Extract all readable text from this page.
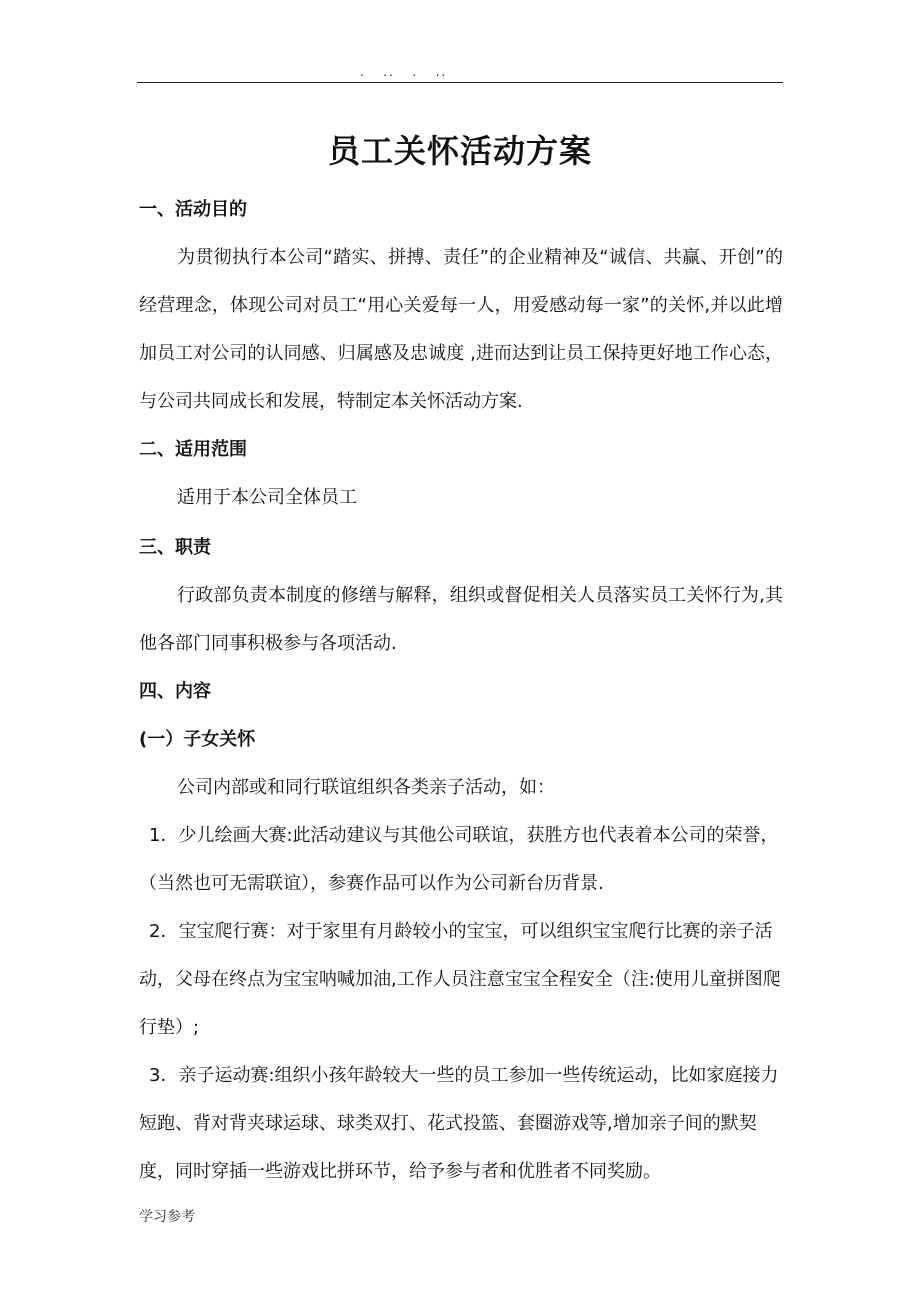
.   ..   .   ..
员工关怀活动方案
一、活动目的
为贯彻执行本公司“踏实、拼搏、责任”的企业精神及“诚信、共赢、开创”的经营理念，体现公司对员工“用心关爱每一人，用爱感动每一家”的关怀,并以此增加员工对公司的认同感、归属感及忠诚度 ,进而达到让员工保持更好地工作心态，与公司共同成长和发展，特制定本关怀活动方案.
二、适用范围
适用于本公司全体员工
三、职责
行政部负责本制度的修缮与解释，组织或督促相关人员落实员工关怀行为,其他各部门同事积极参与各项活动.
四、内容
(一）子女关怀
公司内部或和同行联谊组织各类亲子活动，如：
1．少儿绘画大赛:此活动建议与其他公司联谊，获胜方也代表着本公司的荣誉，（当然也可无需联谊），参赛作品可以作为公司新台历背景.
2．宝宝爬行赛：对于家里有月龄较小的宝宝，可以组织宝宝爬行比赛的亲子活动，父母在终点为宝宝呐喊加油,工作人员注意宝宝全程安全（注:使用儿童拼图爬行垫）;
3．亲子运动赛:组织小孩年龄较大一些的员工参加一些传统运动，比如家庭接力短跑、背对背夹球运球、球类双打、花式投篮、套圈游戏等,增加亲子间的默契度，同时穿插一些游戏比拼环节，给予参与者和优胜者不同奖励。
学习参考
